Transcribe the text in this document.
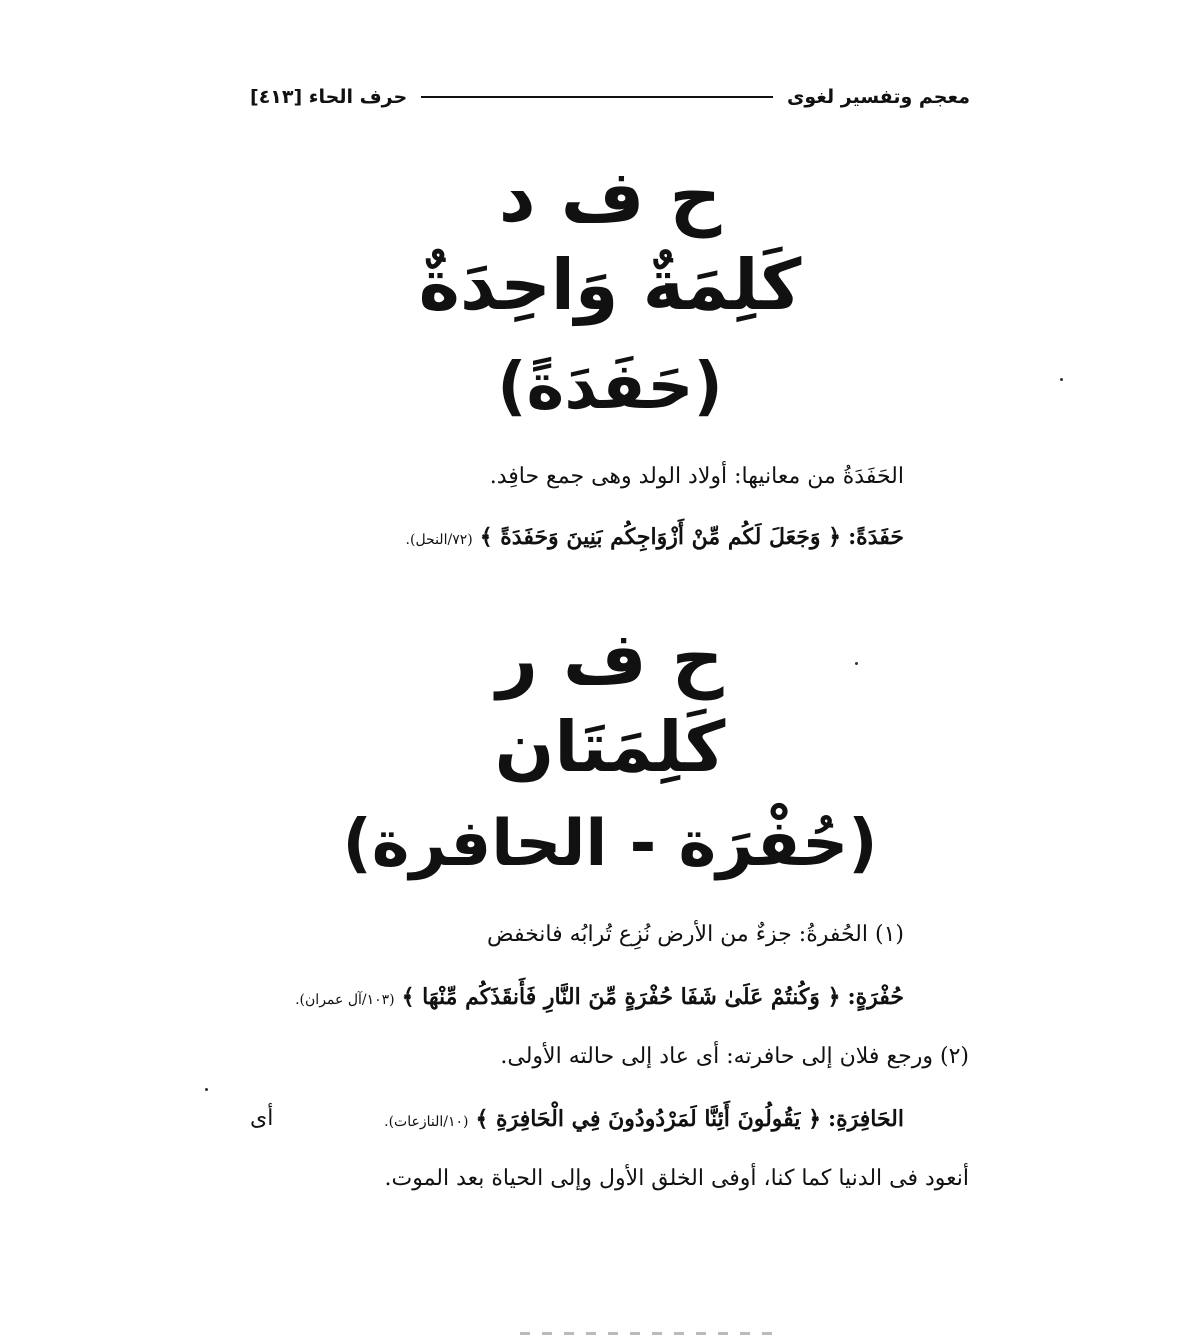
معجم وتفسير لغوى
حرف الحاء [٤١٣]
ح ف د
كَلِمَةٌ وَاحِدَةٌ
(حَفَدَةً)
الحَفَدَةُ من معانيها: أولاد الولد وهى جمع حافِد.
حَفَدَةً: ﴿ وَجَعَلَ لَكُم مِّنْ أَزْوَاجِكُم بَنِينَ وَحَفَدَةً ﴾ (٧٢/النحل).
ح ف ر
كَلِمَتَان
(حُفْرَة - الحافرة)
(١) الحُفرةُ: جزءٌ من الأرض نُزِع تُرابُه فانخفض
حُفْرَةٍ: ﴿ وَكُنتُمْ عَلَىٰ شَفَا حُفْرَةٍ مِّنَ النَّارِ فَأَنقَذَكُم مِّنْهَا ﴾ (١٠٣/آل عمران).
(٢) ورجع فلان إلى حافرته: أى عاد إلى حالته الأولى.
الحَافِرَةِ: ﴿ يَقُولُونَ أَئِنَّا لَمَرْدُودُونَ فِي الْحَافِرَةِ ﴾ (١٠/النازعات).
أى
أنعود فى الدنيا كما كنا، أوفى الخلق الأول وإلى الحياة بعد الموت.
